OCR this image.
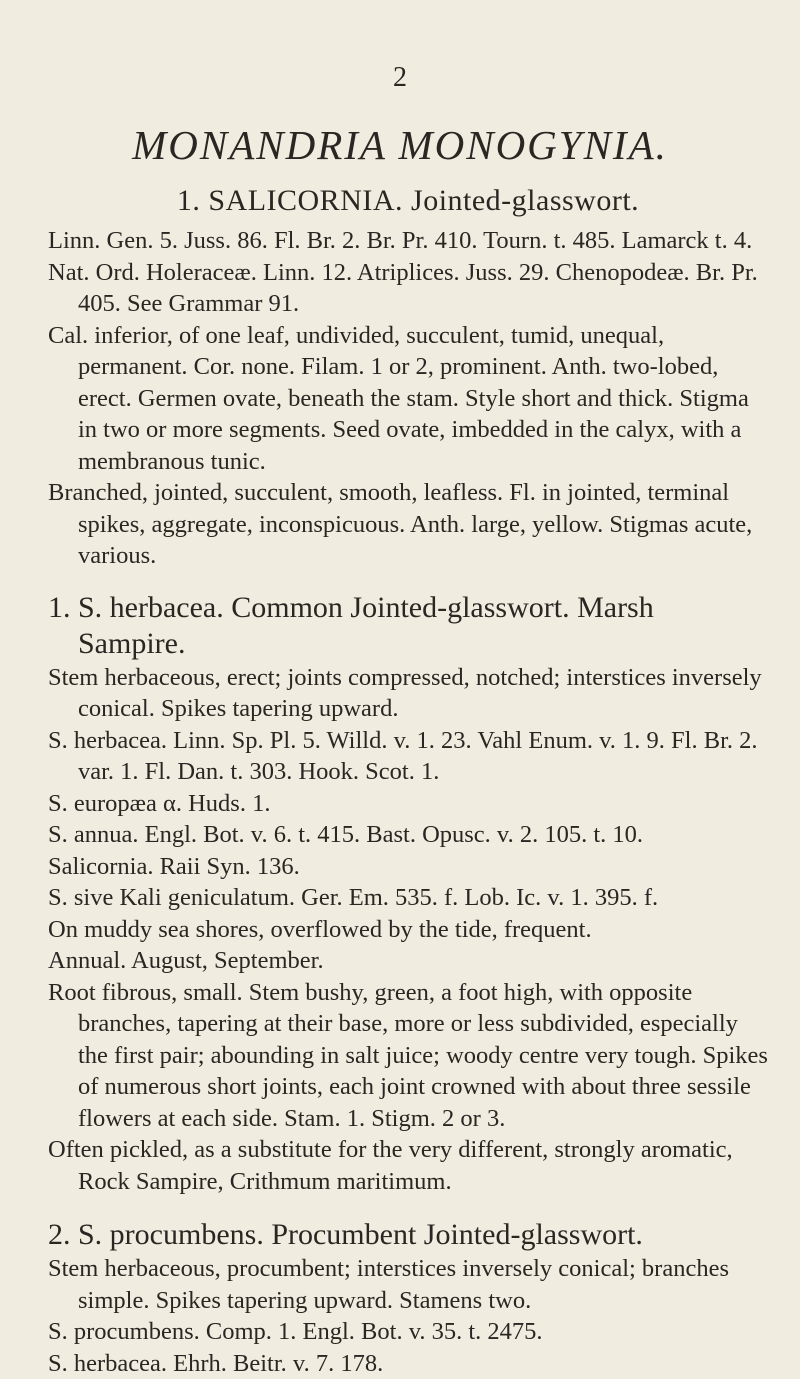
2
MONANDRIA MONOGYNIA.

1. SALICORNIA. Jointed-glasswort.

Linn. Gen. 5. Juss. 86. Fl. Br. 2. Br. Pr. 410. Tourn. t. 485. Lamarck t. 4.

Nat. Ord. Holeraceæ. Linn. 12. Atriplices. Juss. 29. Chenopodeæ. Br. Pr. 405. See Grammar 91.

Cal. inferior, of one leaf, undivided, succulent, tumid, unequal, permanent. Cor. none. Filam. 1 or 2, prominent. Anth. two-lobed, erect. Germen ovate, beneath the stam. Style short and thick. Stigma in two or more segments. Seed ovate, imbedded in the calyx, with a membranous tunic.

Branched, jointed, succulent, smooth, leafless. Fl. in jointed, terminal spikes, aggregate, inconspicuous. Anth. large, yellow. Stigmas acute, various.

1. S. herbacea. Common Jointed-glasswort. Marsh Sampire.

Stem herbaceous, erect; joints compressed, notched; interstices inversely conical. Spikes tapering upward.

S. herbacea. Linn. Sp. Pl. 5. Willd. v. 1. 23. Vahl Enum. v. 1. 9. Fl. Br. 2. var. 1. Fl. Dan. t. 303. Hook. Scot. 1.

S. europæa α. Huds. 1.

S. annua. Engl. Bot. v. 6. t. 415. Bast. Opusc. v. 2. 105. t. 10.

Salicornia. Raii Syn. 136.

S. sive Kali geniculatum. Ger. Em. 535. f. Lob. Ic. v. 1. 395. f.

On muddy sea shores, overflowed by the tide, frequent.

Annual. August, September.

Root fibrous, small. Stem bushy, green, a foot high, with opposite branches, tapering at their base, more or less subdivided, especially the first pair; abounding in salt juice; woody centre very tough. Spikes of numerous short joints, each joint crowned with about three sessile flowers at each side. Stam. 1. Stigm. 2 or 3.

Often pickled, as a substitute for the very different, strongly aromatic, Rock Sampire, Crithmum maritimum.

2. S. procumbens. Procumbent Jointed-glasswort.

Stem herbaceous, procumbent; interstices inversely conical; branches simple. Spikes tapering upward. Stamens two.

S. procumbens. Comp. 1. Engl. Bot. v. 35. t. 2475.

S. herbacea. Ehrh. Beitr. v. 7. 178.
